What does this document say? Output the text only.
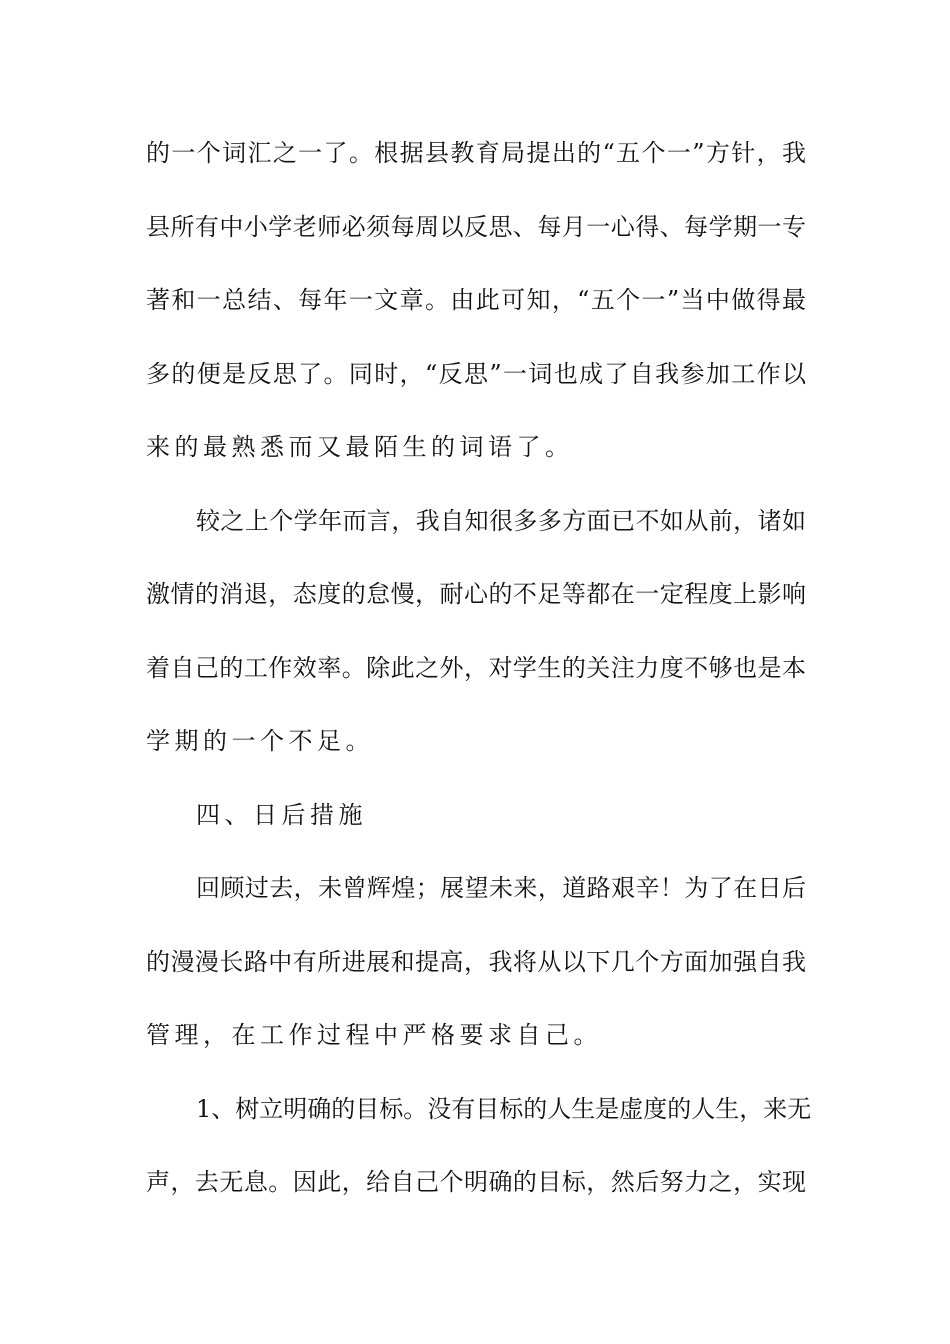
的一个词汇之一了。根据县教育局提出的“五个一”方针，我
县所有中小学老师必须每周以反思、每月一心得、每学期一专
著和一总结、每年一文章。由此可知，“五个一”当中做得最
多的便是反思了。同时，“反思”一词也成了自我参加工作以
来的最熟悉而又最陌生的词语了。
较之上个学年而言，我自知很多多方面已不如从前，诸如
激情的消退，态度的怠慢，耐心的不足等都在一定程度上影响
着自己的工作效率。除此之外，对学生的关注力度不够也是本
学期的一个不足。
四、日后措施
回顾过去，未曾辉煌；展望未来，道路艰辛！为了在日后
的漫漫长路中有所进展和提高，我将从以下几个方面加强自我
管理，在工作过程中严格要求自己。
1、树立明确的目标。没有目标的人生是虚度的人生，来无
声，去无息。因此，给自己个明确的目标，然后努力之，实现
